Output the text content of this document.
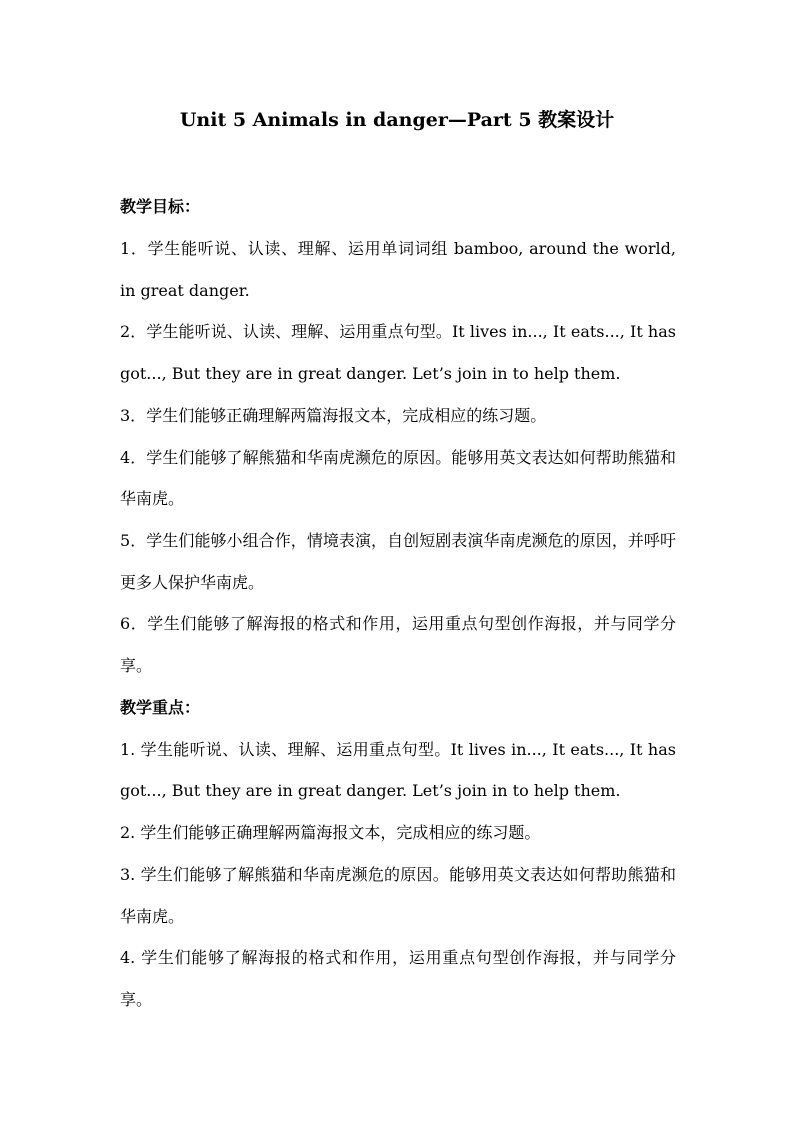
Unit 5 Animals in danger—Part 5 教案设计
教学目标：
1．学生能听说、认读、理解、运用单词词组 bamboo, around the world, in great danger.
2．学生能听说、认读、理解、运用重点句型。It lives in..., It eats..., It has got..., But they are in great danger. Let’s join in to help them.
3．学生们能够正确理解两篇海报文本，完成相应的练习题。
4．学生们能够了解熊猫和华南虎濒危的原因。能够用英文表达如何帮助熊猫和华南虎。
5．学生们能够小组合作，情境表演，自创短剧表演华南虎濒危的原因，并呼吁更多人保护华南虎。
6．学生们能够了解海报的格式和作用，运用重点句型创作海报，并与同学分享。
教学重点：
1. 学生能听说、认读、理解、运用重点句型。It lives in..., It eats..., It has got..., But they are in great danger. Let’s join in to help them.
2. 学生们能够正确理解两篇海报文本，完成相应的练习题。
3. 学生们能够了解熊猫和华南虎濒危的原因。能够用英文表达如何帮助熊猫和华南虎。
4. 学生们能够了解海报的格式和作用，运用重点句型创作海报，并与同学分享。
